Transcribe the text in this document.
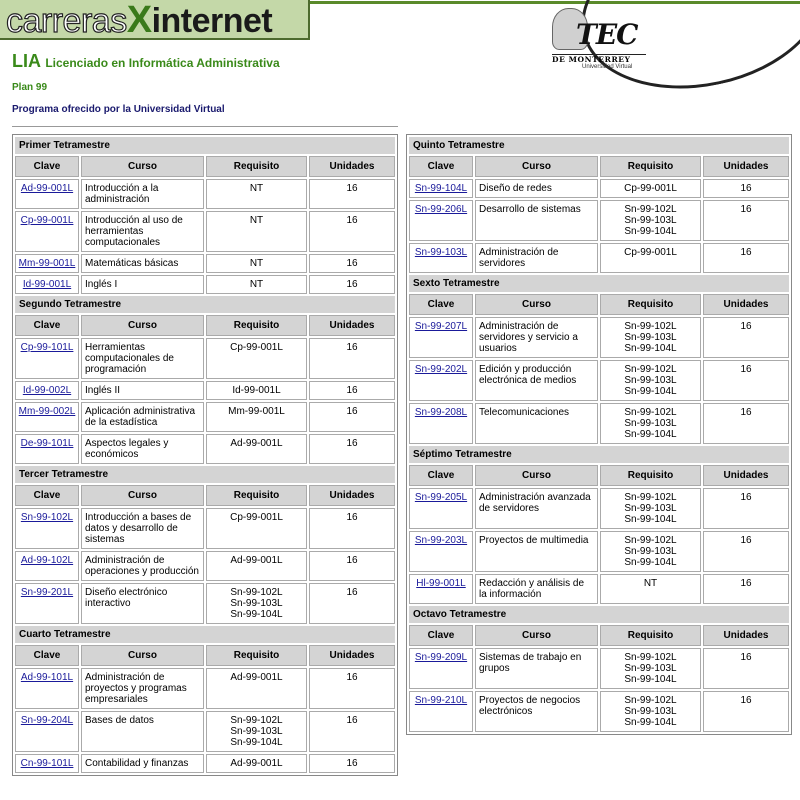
carrerasXinternet	TEC
DE MONTERREY
Universidad Virtual
LIA Licenciado en Informática Administrativa
Plan 99
Programa ofrecido por la Universidad Virtual
Primer Tetramestre			
Clave	Curso	Requisito	Unidades
Ad-99-001L	Introducción a la administración	NT	16
Cp-99-001L	Introducción al uso de herramientas computacionales	NT	16
Mm-99-001L	Matemáticas básicas	NT	16
Id-99-001L	Inglés I	NT	16
Segundo Tetramestre			
Clave	Curso	Requisito	Unidades
Cp-99-101L	Herramientas computacionales de programación	Cp-99-001L	16
Id-99-002L	Inglés II	Id-99-001L	16
Mm-99-002L	Aplicación administrativa de la estadística	Mm-99-001L	16
De-99-101L	Aspectos legales y económicos	Ad-99-001L	16
Tercer Tetramestre			
Clave	Curso	Requisito	Unidades
Sn-99-102L	Introducción a bases de datos y desarrollo de sistemas	Cp-99-001L	16
Ad-99-102L	Administración de operaciones y producción	Ad-99-001L	16
Sn-99-201L	Diseño electrónico interactivo	Sn-99-102L
Sn-99-103L
Sn-99-104L	16
Cuarto Tetramestre			
Clave	Curso	Requisito	Unidades
Ad-99-101L	Administración de proyectos y programas empresariales	Ad-99-001L	16
Sn-99-204L	Bases de datos	Sn-99-102L
Sn-99-103L
Sn-99-104L	16
Cn-99-101L	Contabilidad y finanzas	Ad-99-001L	16
Quinto Tetramestre			
Clave	Curso	Requisito	Unidades
Sn-99-104L	Diseño de redes	Cp-99-001L	16
Sn-99-206L	Desarrollo de sistemas	Sn-99-102L
Sn-99-103L
Sn-99-104L	16
Sn-99-103L	Administración de servidores	Cp-99-001L	16
Sexto Tetramestre			
Clave	Curso	Requisito	Unidades
Sn-99-207L	Administración de servidores y servicio a usuarios	Sn-99-102L
Sn-99-103L
Sn-99-104L	16
Sn-99-202L	Edición y producción electrónica de medios	Sn-99-102L
Sn-99-103L
Sn-99-104L	16
Sn-99-208L	Telecomunicaciones	Sn-99-102L
Sn-99-103L
Sn-99-104L	16
Séptimo Tetramestre			
Clave	Curso	Requisito	Unidades
Sn-99-205L	Administración avanzada de servidores	Sn-99-102L
Sn-99-103L
Sn-99-104L	16
Sn-99-203L	Proyectos de multimedia	Sn-99-102L
Sn-99-103L
Sn-99-104L	16
Hl-99-001L	Redacción y análisis de la información	NT	16
Octavo Tetramestre			
Clave	Curso	Requisito	Unidades
Sn-99-209L	Sistemas de trabajo en grupos	Sn-99-102L
Sn-99-103L
Sn-99-104L	16
Sn-99-210L	Proyectos de negocios electrónicos	Sn-99-102L
Sn-99-103L
Sn-99-104L	16
